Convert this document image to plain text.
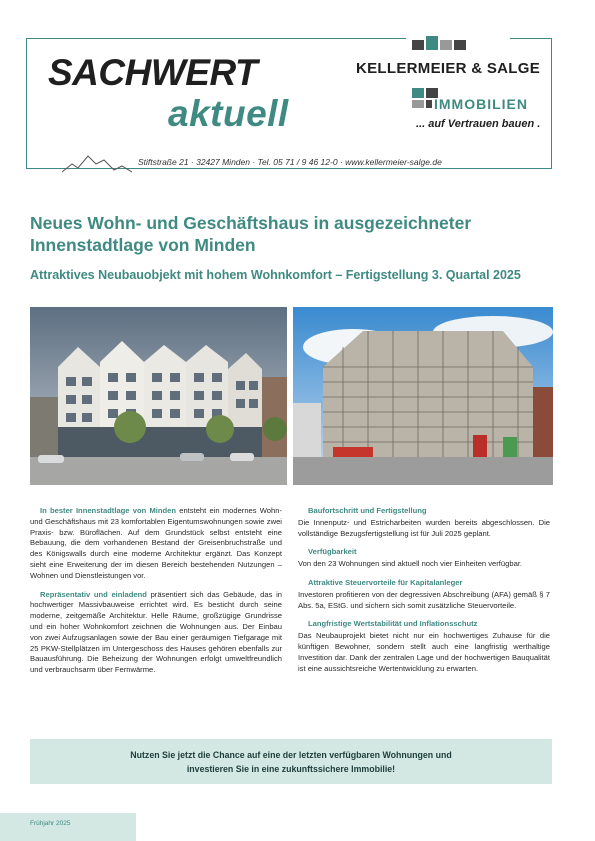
SACHWERT
aktuell
KELLERMEIER & SALGE
IMMOBILIEN
... auf Vertrauen bauen .
Stiftstraße 21 · 32427 Minden · Tel. 05 71 / 9 46 12-0 · www.kellermeier-salge.de
Neues Wohn- und Geschäftshaus in ausgezeichneter Innenstadtlage von Minden
Attraktives Neubauobjekt mit hohem Wohnkomfort – Fertigstellung 3. Quartal 2025

In bester Innenstadtlage von Minden entsteht ein modernes Wohn- und Geschäftshaus mit 23 komfortablen Eigentumswohnungen sowie zwei Praxis- bzw. Büroflächen. Auf dem Grundstück selbst entsteht eine Bebauung, die dem vorhandenen Bestand der Greisenbruchstraße und des Königswalls durch eine moderne Architektur ergänzt. Das Konzept sieht eine Erweiterung der im diesen Bereich bestehenden Nutzungen – Wohnen und Dienstleistungen vor.

Repräsentativ und einladend präsentiert sich das Gebäude, das in hochwertiger Massivbauweise errichtet wird. Es besticht durch seine moderne, zeitgemäße Architektur. Helle Räume, großzügige Grundrisse und ein hoher Wohnkomfort zeichnen die Wohnungen aus. Der Einbau von zwei Aufzugsanlagen sowie der Bau einer geräumigen Tiefgarage mit 25 PKW-Stellplätzen im Untergeschoss des Hauses gehören ebenfalls zur Bauausführung. Die Beheizung der Wohnungen erfolgt umweltfreundlich und verbrauchsarm über Fernwärme.

Baufortschritt und Fertigstellung

Die Innenputz- und Estricharbeiten wurden bereits abgeschlossen. Die vollständige Bezugsfertigstellung ist für Juli 2025 geplant.

Verfügbarkeit

Von den 23 Wohnungen sind aktuell noch vier Einheiten verfügbar.

Attraktive Steuervorteile für Kapitalanleger

Investoren profitieren von der degressiven Abschreibung (AFA) gemäß § 7 Abs. 5a, EStG. und sichern sich somit zusätzliche Steuervorteile.

Langfristige Wertstabilität und Inflationsschutz

Das Neubauprojekt bietet nicht nur ein hochwertiges Zuhause für die künftigen Bewohner, sondern stellt auch eine langfristig werthaltige Investition dar. Dank der zentralen Lage und der hochwertigen Bauqualität ist eine aussichtsreiche Wertentwicklung zu erwarten.

Nutzen Sie jetzt die Chance auf eine der letzten verfügbaren Wohnungen und
investieren Sie in eine zukunftssichere Immobilie!
Frühjahr 2025
